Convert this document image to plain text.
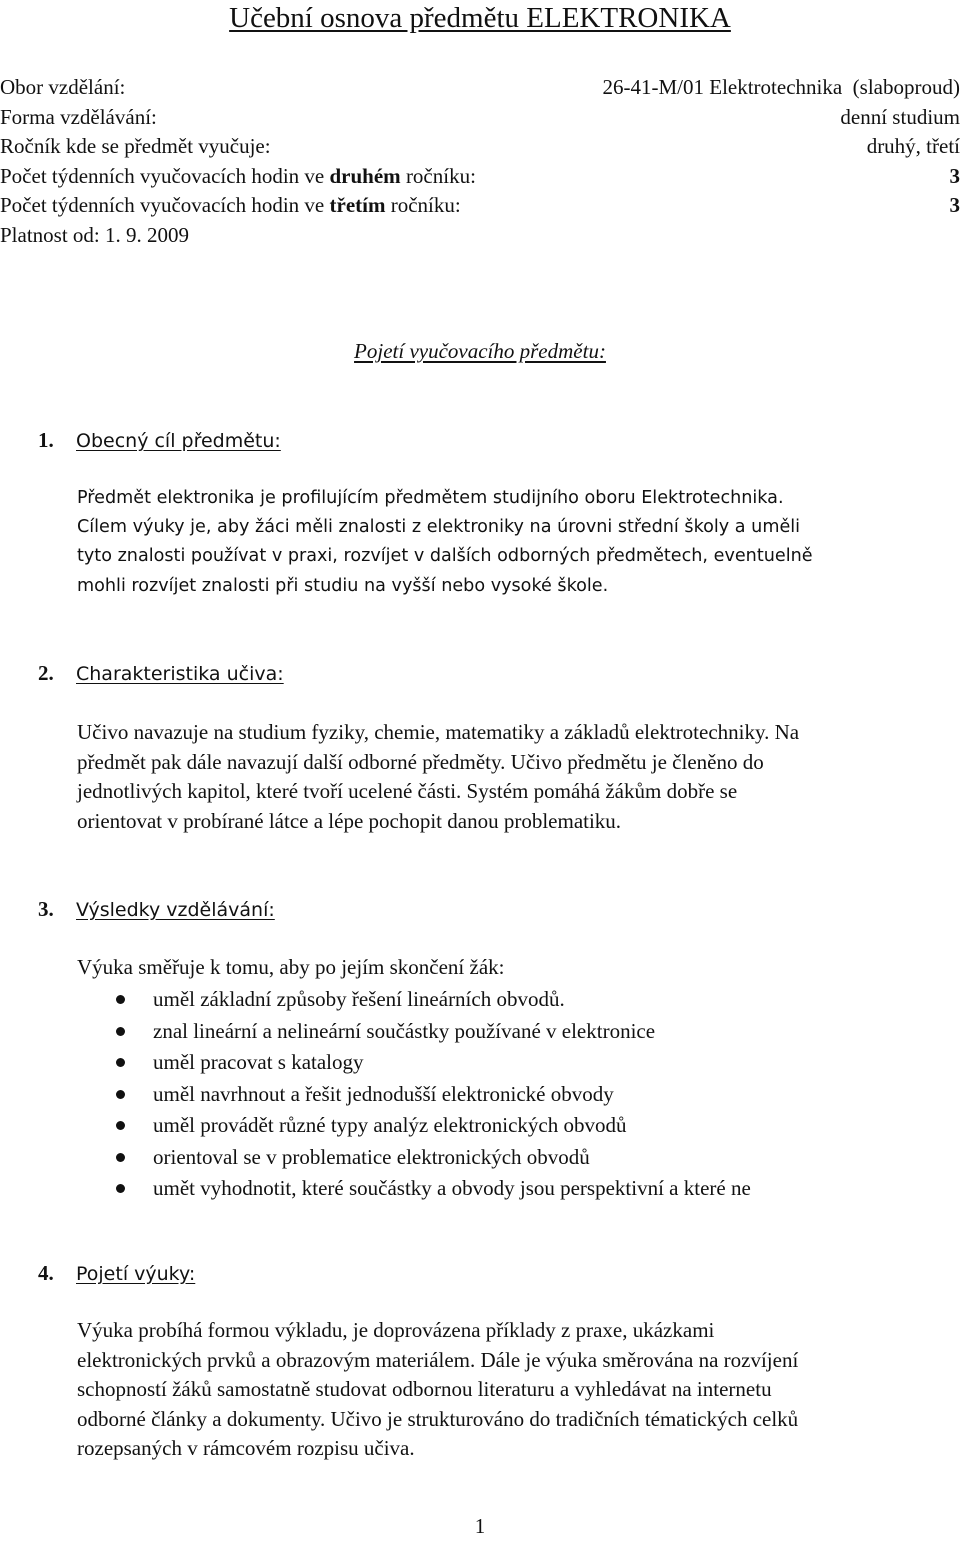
Učební osnova předmětu ELEKTRONIKA
Obor vzdělání:	26-41-M/01 Elektrotechnika  (slaboproud)
Forma vzdělávání:	denní studium
Ročník kde se předmět vyučuje:	druhý, třetí
Počet týdenních vyučovacích hodin ve druhém ročníku:	3
Počet týdenních vyučovacích hodin ve třetím ročníku:	3
Platnost od: 1. 9. 2009
Pojetí vyučovacího předmětu:
1. Obecný cíl předmětu:
Předmět elektronika je profilujícím předmětem studijního oboru Elektrotechnika.
Cílem výuky je, aby žáci měli znalosti z elektroniky na úrovni střední školy a uměli
tyto znalosti používat v praxi, rozvíjet v dalších odborných předmětech, eventuelně
mohli rozvíjet znalosti při studiu na vyšší nebo vysoké škole.
2. Charakteristika učiva:
Učivo navazuje na studium fyziky, chemie, matematiky a základů elektrotechniky. Na
předmět pak dále navazují další odborné předměty. Učivo předmětu je členěno do
jednotlivých kapitol, které tvoří ucelené části. Systém pomáhá žákům dobře se
orientovat v probírané látce a lépe pochopit danou problematiku.
3. Výsledky vzdělávání:
Výuka směřuje k tomu, aby po jejím skončení žák:
uměl základní způsoby řešení lineárních obvodů.
znal lineární a nelineární součástky používané v elektronice
uměl pracovat s katalogy
uměl navrhnout a řešit jednodušší elektronické obvody
uměl provádět různé typy analýz elektronických obvodů
orientoval se v problematice elektronických obvodů
umět vyhodnotit, které součástky a obvody jsou perspektivní a které ne
4. Pojetí výuky:
Výuka probíhá formou výkladu, je doprovázena příklady z praxe, ukázkami
elektronických prvků a obrazovým materiálem. Dále je výuka směrována na rozvíjení
schopností žáků samostatně studovat odbornou literaturu a vyhledávat na internetu
odborné články a dokumenty. Učivo je strukturováno do tradičních tématických celků
rozepsaných v rámcovém rozpisu učiva.
1
